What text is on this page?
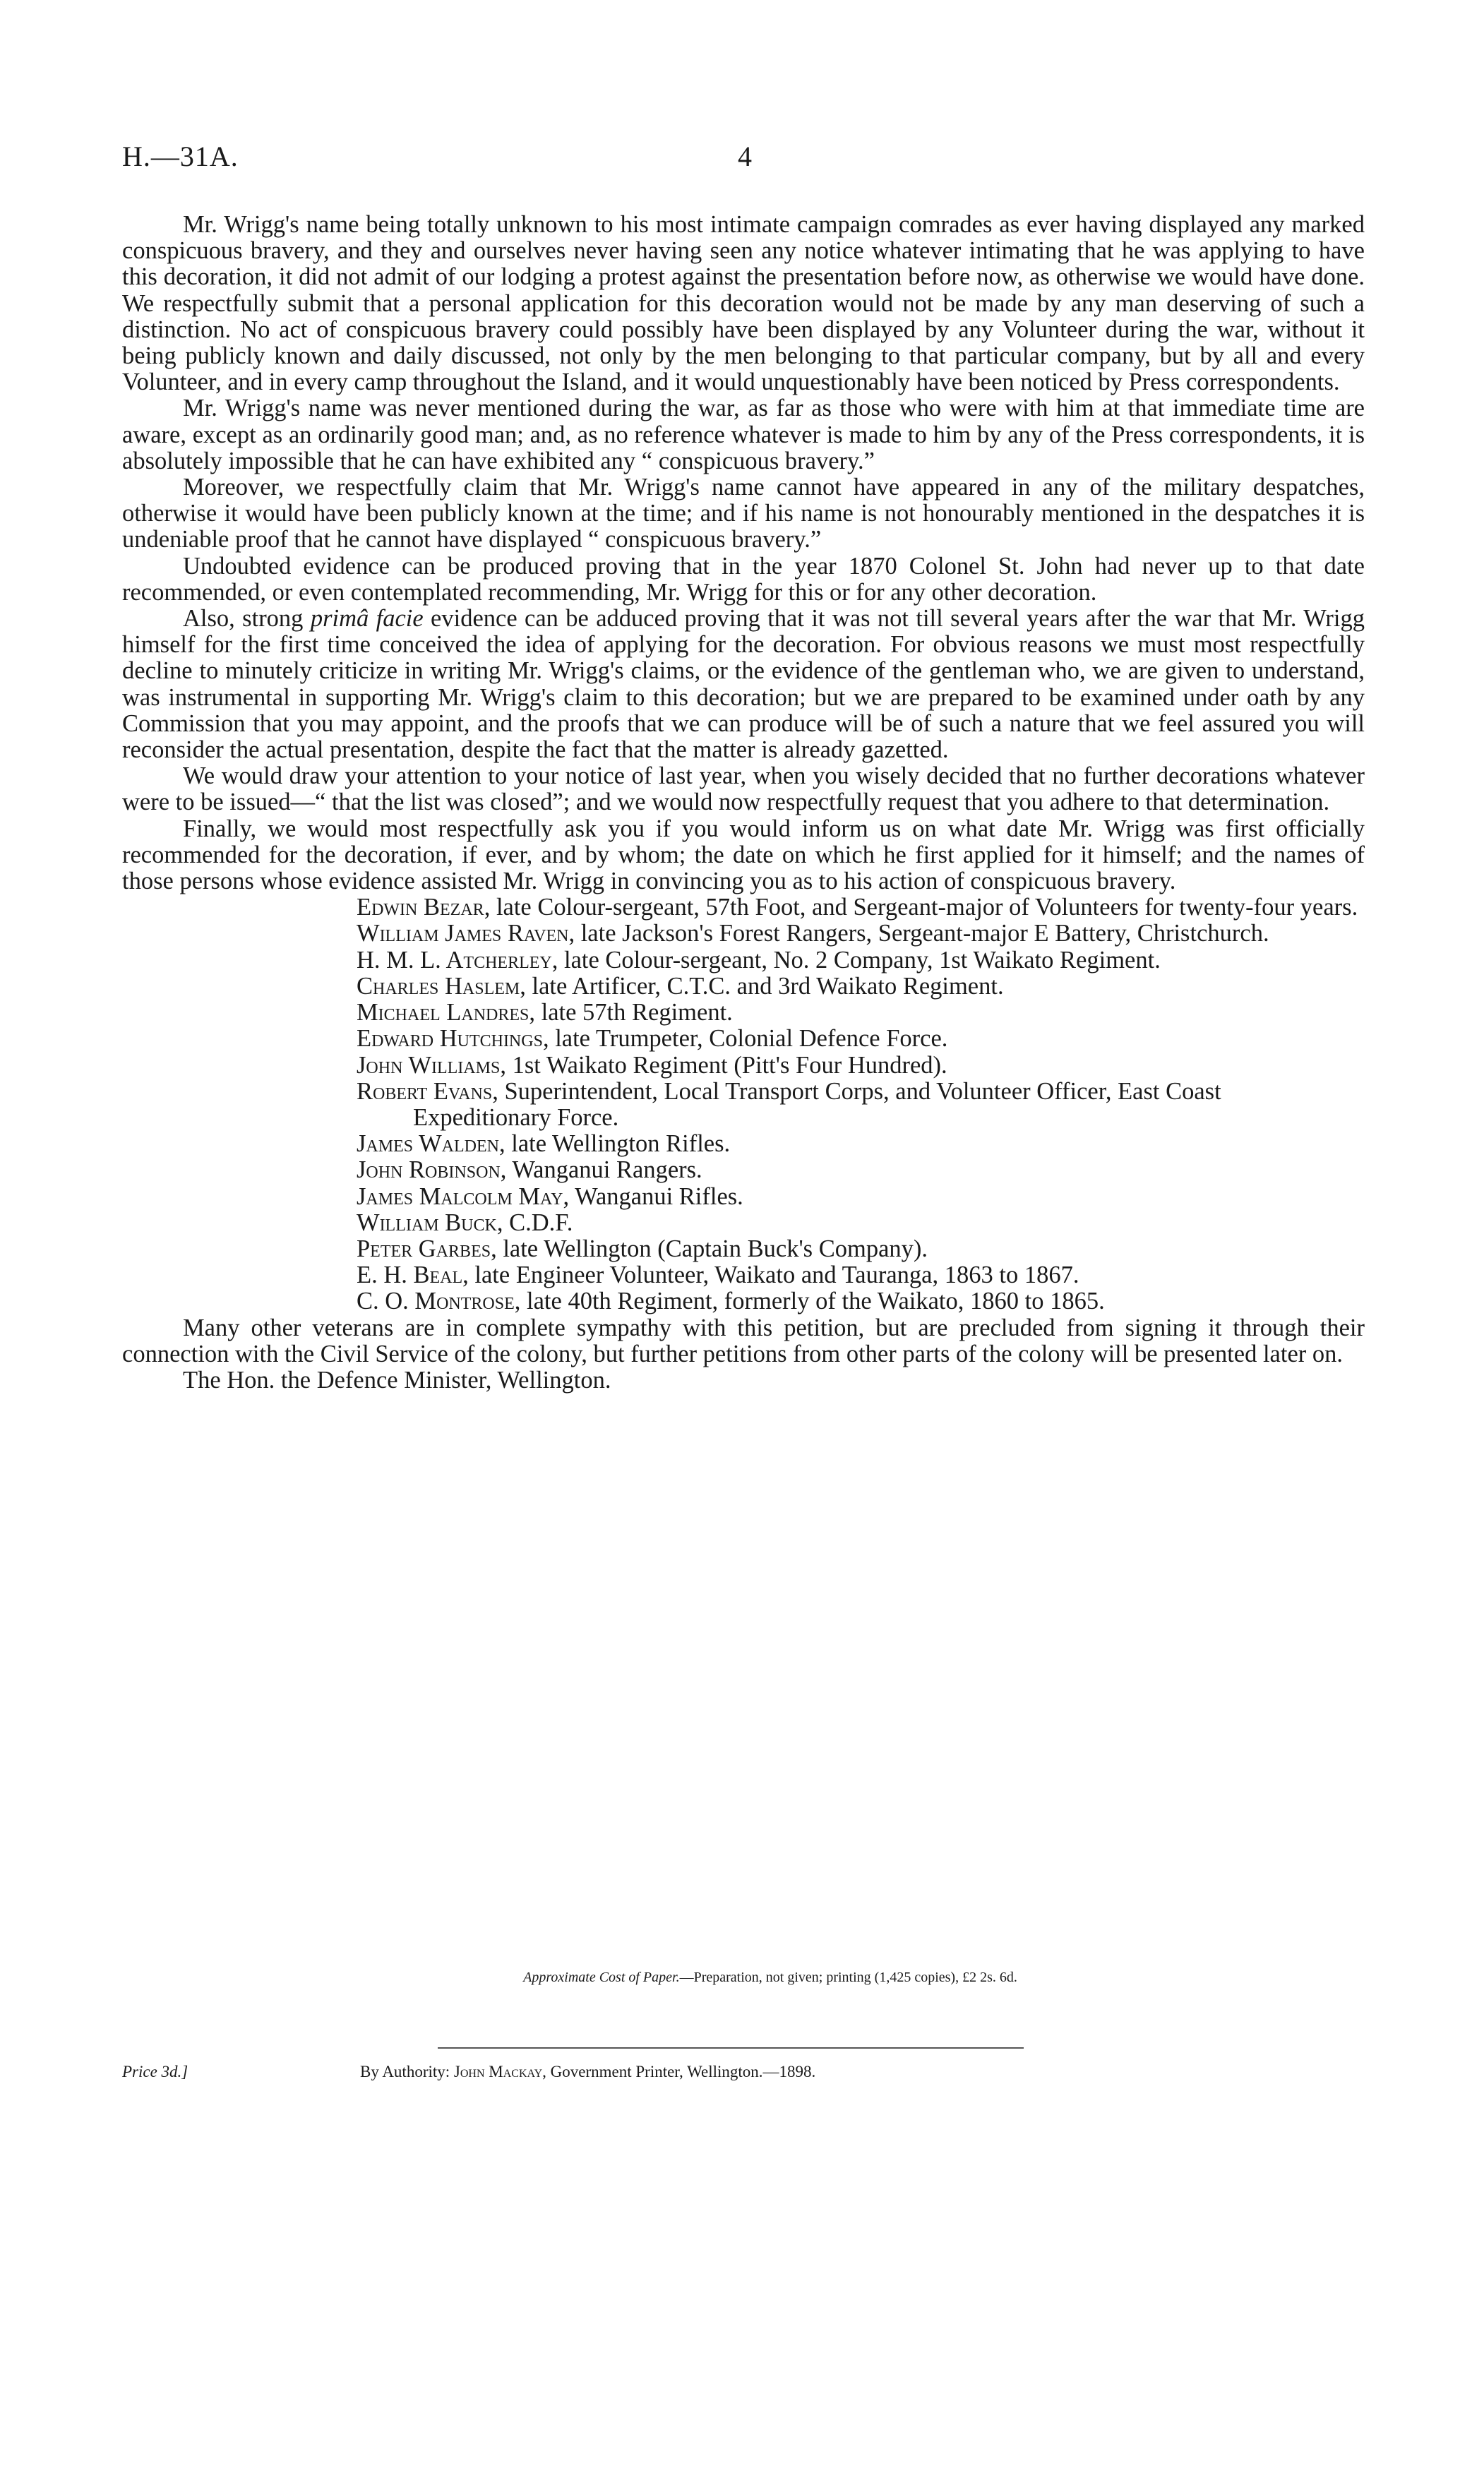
H.—31A.	4

Mr. Wrigg's name being totally unknown to his most intimate campaign comrades as ever having displayed any marked conspicuous bravery, and they and ourselves never having seen any notice whatever intimating that he was applying to have this decoration, it did not admit of our lodging a protest against the presentation before now, as otherwise we would have done. We respectfully submit that a personal application for this decoration would not be made by any man deserving of such a distinction. No act of conspicuous bravery could possibly have been displayed by any Volunteer during the war, without it being publicly known and daily discussed, not only by the men belonging to that particular company, but by all and every Volunteer, and in every camp throughout the Island, and it would unquestionably have been noticed by Press correspondents.

Mr. Wrigg's name was never mentioned during the war, as far as those who were with him at that immediate time are aware, except as an ordinarily good man; and, as no reference whatever is made to him by any of the Press correspondents, it is absolutely impossible that he can have exhibited any “ conspicuous bravery.”

Moreover, we respectfully claim that Mr. Wrigg's name cannot have appeared in any of the military despatches, otherwise it would have been publicly known at the time; and if his name is not honourably mentioned in the despatches it is undeniable proof that he cannot have displayed “ conspicuous bravery.”

Undoubted evidence can be produced proving that in the year 1870 Colonel St. John had never up to that date recommended, or even contemplated recommending, Mr. Wrigg for this or for any other decoration.

Also, strong primâ facie evidence can be adduced proving that it was not till several years after the war that Mr. Wrigg himself for the first time conceived the idea of applying for the decoration. For obvious reasons we must most respectfully decline to minutely criticize in writing Mr. Wrigg's claims, or the evidence of the gentleman who, we are given to understand, was instrumental in supporting Mr. Wrigg's claim to this decoration; but we are prepared to be examined under oath by any Commission that you may appoint, and the proofs that we can produce will be of such a nature that we feel assured you will reconsider the actual presentation, despite the fact that the matter is already gazetted.

We would draw your attention to your notice of last year, when you wisely decided that no further decorations whatever were to be issued—“ that the list was closed”; and we would now respectfully request that you adhere to that determination.

Finally, we would most respectfully ask you if you would inform us on what date Mr. Wrigg was first officially recommended for the decoration, if ever, and by whom; the date on which he first applied for it himself; and the names of those persons whose evidence assisted Mr. Wrigg in convincing you as to his action of conspicuous bravery.

Edwin Bezar, late Colour-sergeant, 57th Foot, and Sergeant-major of Volunteers for twenty-four years.
William James Raven, late Jackson's Forest Rangers, Sergeant-major E Battery, Christchurch.
H. M. L. Atcherley, late Colour-sergeant, No. 2 Company, 1st Waikato Regiment.
Charles Haslem, late Artificer, C.T.C. and 3rd Waikato Regiment.
Michael Landres, late 57th Regiment.
Edward Hutchings, late Trumpeter, Colonial Defence Force.
John Williams, 1st Waikato Regiment (Pitt's Four Hundred).
Robert Evans, Superintendent, Local Transport Corps, and Volunteer Officer, East Coast Expeditionary Force.
James Walden, late Wellington Rifles.
John Robinson, Wanganui Rangers.
James Malcolm May, Wanganui Rifles.
William Buck, C.D.F.
Peter Garbes, late Wellington (Captain Buck's Company).
E. H. Beal, late Engineer Volunteer, Waikato and Tauranga, 1863 to 1867.
C. O. Montrose, late 40th Regiment, formerly of the Waikato, 1860 to 1865.

Many other veterans are in complete sympathy with this petition, but are precluded from signing it through their connection with the Civil Service of the colony, but further petitions from other parts of the colony will be presented later on.

The Hon. the Defence Minister, Wellington.

Approximate Cost of Paper.—Preparation, not given; printing (1,425 copies), £2 2s. 6d.
Price 3d.]	By Authority: John Mackay, Government Printer, Wellington.—1898.
